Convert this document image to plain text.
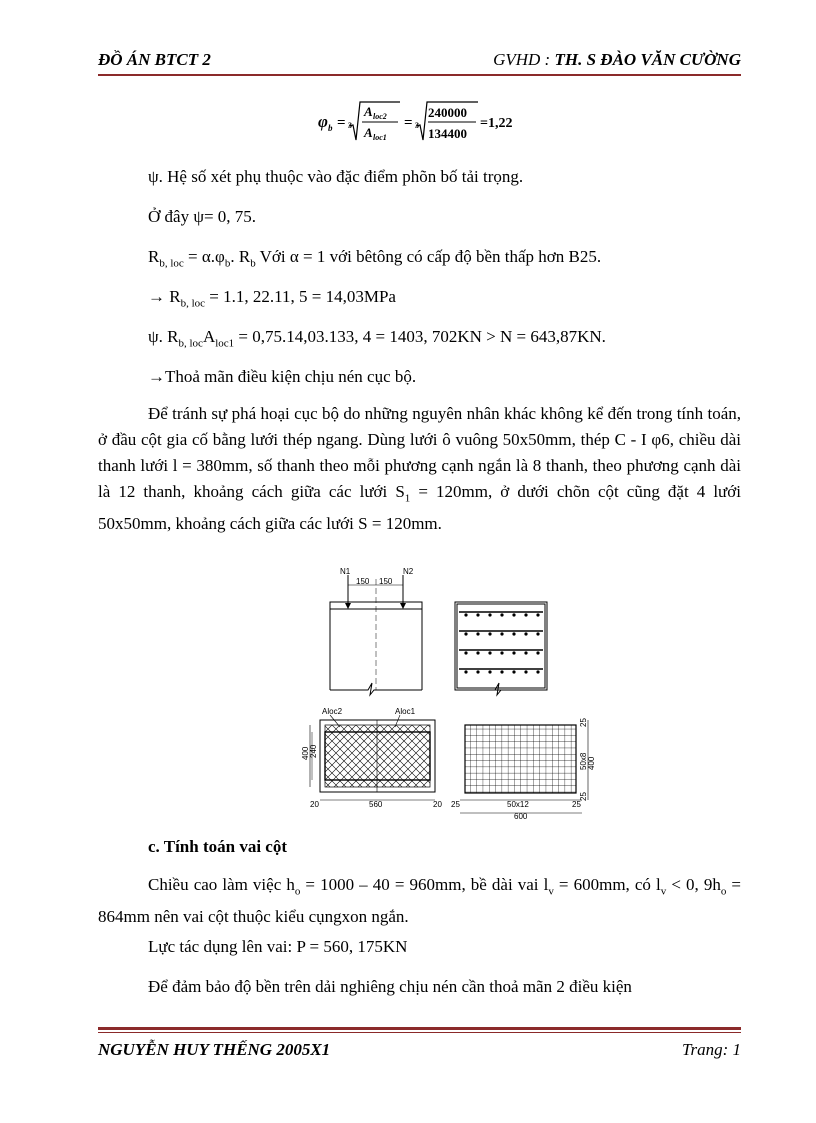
ĐỒ ÁN BTCT 2	GVHD : TH. S ĐÀO VĂN CƯỜNG
φ b = 3
A loc2
A loc1
= 3
240000
134400
=1,22
ψ. Hệ số xét phụ thuộc vào đặc điểm phõn bố tải trọng.
Ở đây ψ= 0, 75.
$R_{b, loc} = \alpha.\varphi_b$. $R_b$ Với α = 1 với bêtông có cấp độ bền thấp hơn B25.
→ $R_{b, loc} = 1.1$, 22.11, 5 = 14,03MPa
ψ. $R_{b, loc}A_{loc1} = 0,75.14,03.133$, 4 = 1403, 702KN > N = 643,87KN.
→Thoả mãn điều kiện chịu nén cục bộ.
Để tránh sự phá hoại cục bộ do những nguyên nhân khác không kể đến trong tính toán, ở đầu cột gia cố bằng lưới thép ngang. Dùng lưới ô vuông 50x50mm, thép C - I φ6, chiều dài thanh lưới l = 380mm, số thanh theo mỗi phương cạnh ngắn là 8 thanh, theo phương cạnh dài là 12 thanh, khoảng cách giữa các lưới $S_1 = 120mm$, ở dưới chõn cột cũng đặt 4 lưới 50x50mm, khoảng cách giữa các lưới S = 120mm.
N1	N2
150 150
Aloc2	Aloc1
400 240
20	560	20
25
50x8 400
25
25	50x12	25
600
c. Tính toán vai cột
Chiều cao làm việc $h_o = 1000 - 40 = 960mm$, bề dài vai $l_v = 600mm$, có $l_v < 0$, $9h_o = 864mm$ nên vai cột thuộc kiểu cụngxon ngắn.
Lực tác dụng lên vai: P = 560, 175KN
Để đảm bảo độ bền trên dải nghiêng chịu nén cần thoả mãn 2 điều kiện
NGUYỄN HUY THẾNG 2005X1	Trang: 1
